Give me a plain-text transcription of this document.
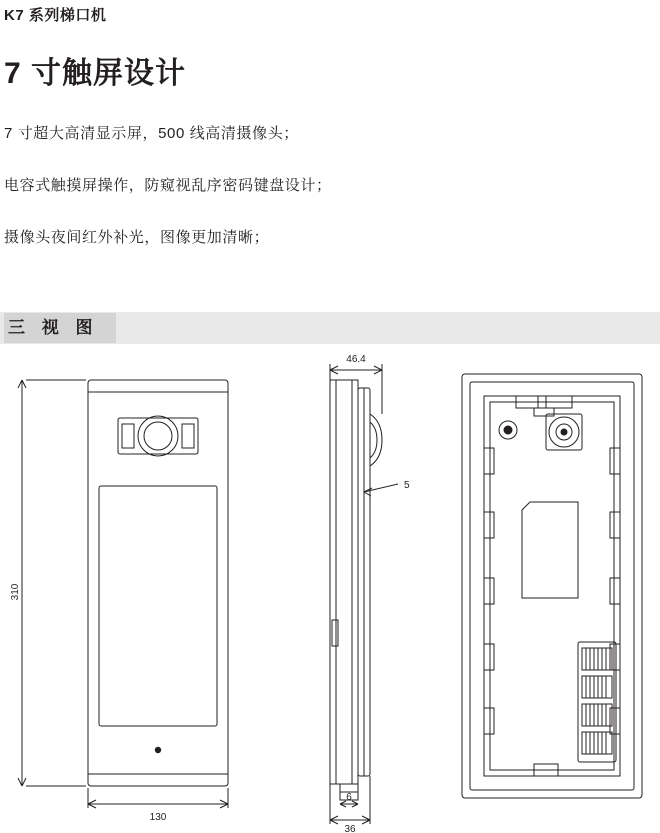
K7 系列梯口机
7 寸触屏设计
7 寸超大高清显示屏，500 线高清摄像头；
电容式触摸屏操作，防窥视乱序密码键盘设计；
摄像头夜间红外补光，图像更加清晰；
三 视 图
310
130
46.4
5
6
36
